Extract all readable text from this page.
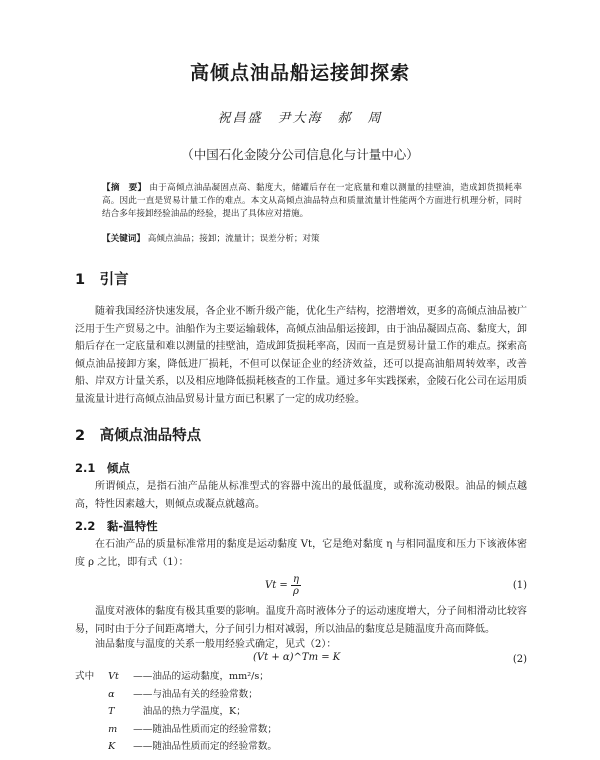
高倾点油品船运接卸探索
祝昌盛　尹大海　郝　周
（中国石化金陵分公司信息化与计量中心）
【摘　要】 由于高倾点油品凝固点高、黏度大，储罐后存在一定底量和难以测量的挂壁油，造成卸货损耗率高。因此一直是贸易计量工作的难点。本文从高倾点油品特点和质量流量计性能两个方面进行机理分析，同时结合多年接卸经验油品的经验，提出了具体应对措施。
【关键词】 高倾点油品；接卸；流量计；误差分析；对策
1　引言
随着我国经济快速发展，各企业不断升级产能，优化生产结构，挖潜增效，更多的高倾点油品被广泛用于生产贸易之中。油船作为主要运输载体，高倾点油品船运接卸，由于油品凝固点高、黏度大，卸船后存在一定底量和难以测量的挂壁油，造成卸货损耗率高，因而一直是贸易计量工作的难点。探索高倾点油品接卸方案，降低进厂损耗，不但可以保证企业的经济效益，还可以提高油船周转效率，改善船、岸双方计量关系，以及相应地降低损耗核查的工作量。通过多年实践探索，金陵石化公司在运用质量流量计进行高倾点油品贸易计量方面已积累了一定的成功经验。
2　高倾点油品特点
2.1　倾点
所谓倾点，是指石油产品能从标准型式的容器中流出的最低温度，或称流动极限。油品的倾点越高，特性因素越大，则倾点或凝点就越高。
2.2　黏-温特性
在石油产品的质量标准常用的黏度是运动黏度 Vt，它是绝对黏度 η 与相同温度和压力下该液体密度 ρ 之比，即有式（1）：
$Vt = \frac{\eta}{\rho}$	(1)
温度对液体的黏度有极其重要的影响。温度升高时液体分子的运动速度增大，分子间相滑动比较容易，同时由于分子间距离增大，分子间引力相对减弱，所以油品的黏度总是随温度升高而降低。
油品黏度与温度的关系一般用经验式确定，见式（2）：
(Vt + α)^Tm = K	(2)
式中 Vt ——油品的运动黏度，mm²/s；
α ——与油品有关的经验常数；
T 　油品的热力学温度，K；
m ——随油品性质而定的经验常数；
K ——随油品性质而定的经验常数。
